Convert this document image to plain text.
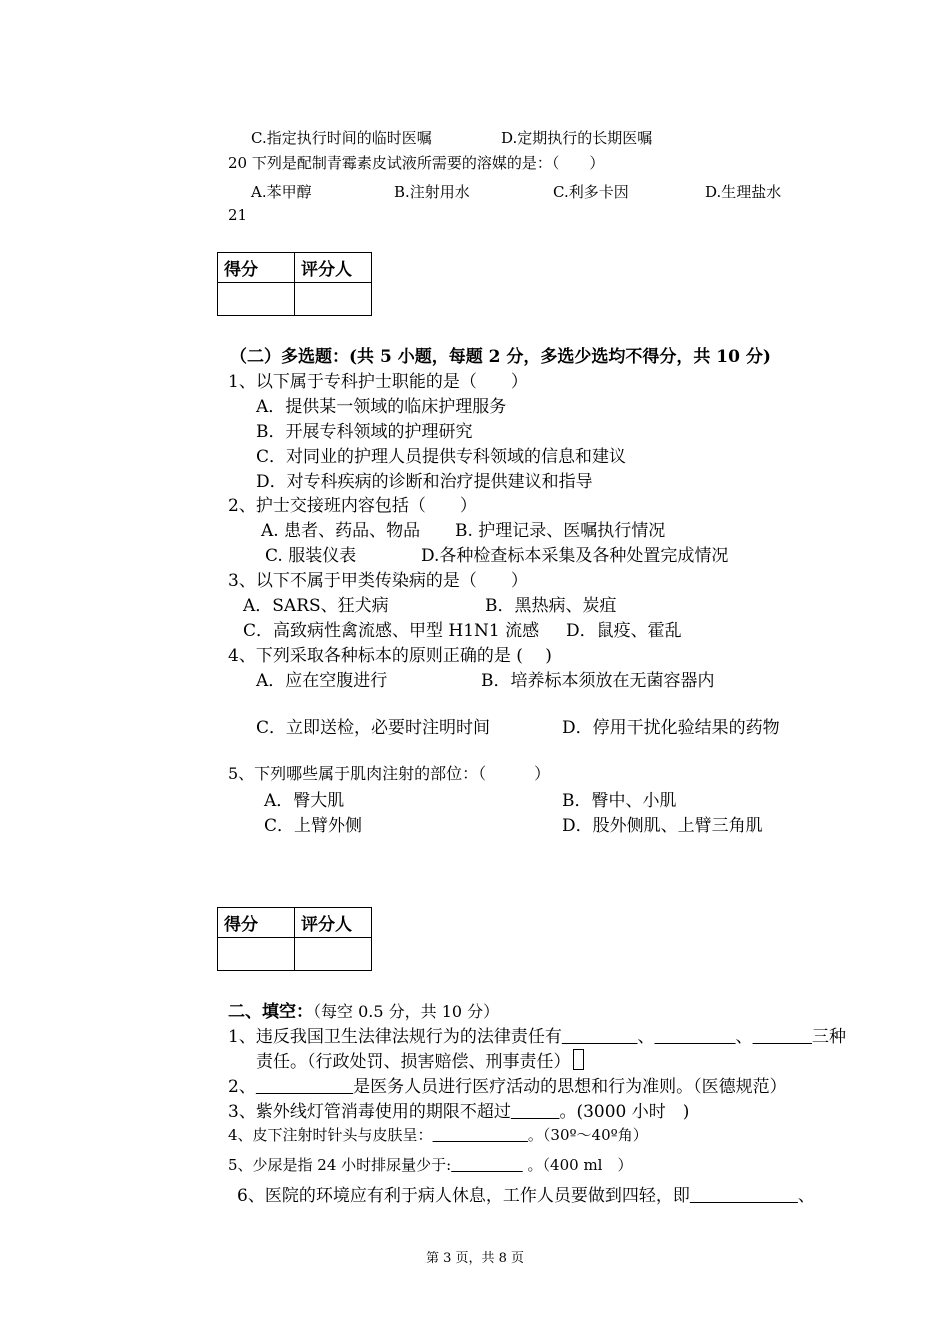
C.指定执行时间的临时医嘱	D.定期执行的长期医嘱
20 下列是配制青霉素皮试液所需要的溶媒的是：（　　）
A.苯甲醇	B.注射用水	C.利多卡因	D.生理盐水
21
得分	评分人

（二）多选题：(共 5 小题，每题 2 分，多选少选均不得分，共 10 分)
1、以下属于专科护士职能的是（　　）
A．提供某一领域的临床护理服务
B．开展专科领域的护理研究
C．对同业的护理人员提供专科领域的信息和建议
D．对专科疾病的诊断和治疗提供建议和指导
2、护士交接班内容包括（　　）
A. 患者、药品、物品 B. 护理记录、医嘱执行情况
C. 服装仪表	D.各种检查标本采集及各种处置完成情况
3、以下不属于甲类传染病的是（　　）
A．SARS、狂犬病	B．黑热病、炭疽
C．高致病性禽流感、甲型 H1N1 流感 D．鼠疫、霍乱
4、下列采取各种标本的原则正确的是 (　 )
A．应在空腹进行	B．培养标本须放在无菌容器内
C．立即送检，必要时注明时间	D．停用干扰化验结果的药物
5、下列哪些属于肌肉注射的部位：（　　　）
A．臀大肌	B．臀中、小肌
C．上臂外侧	D．股外侧肌、上臂三角肌
得分	评分人

二、填空：（每空 0.5 分，共 10 分）
1、违反我国卫生法律法规行为的法律责任有	、	、	三种
责任。（行政处罚、损害赔偿、刑事责任）
2、	是医务人员进行医疗活动的思想和行为准则。（医德规范）
3、紫外线灯管消毒使用的期限不超过	。(3000 小时　)
4、皮下注射时针头与皮肤呈：	。（30º～40º角）
5、少尿是指 24 小时排尿量少于:	。（400 ml　）
6、医院的环境应有利于病人休息，工作人员要做到四轻，即	、
第 3 页，共 8 页
